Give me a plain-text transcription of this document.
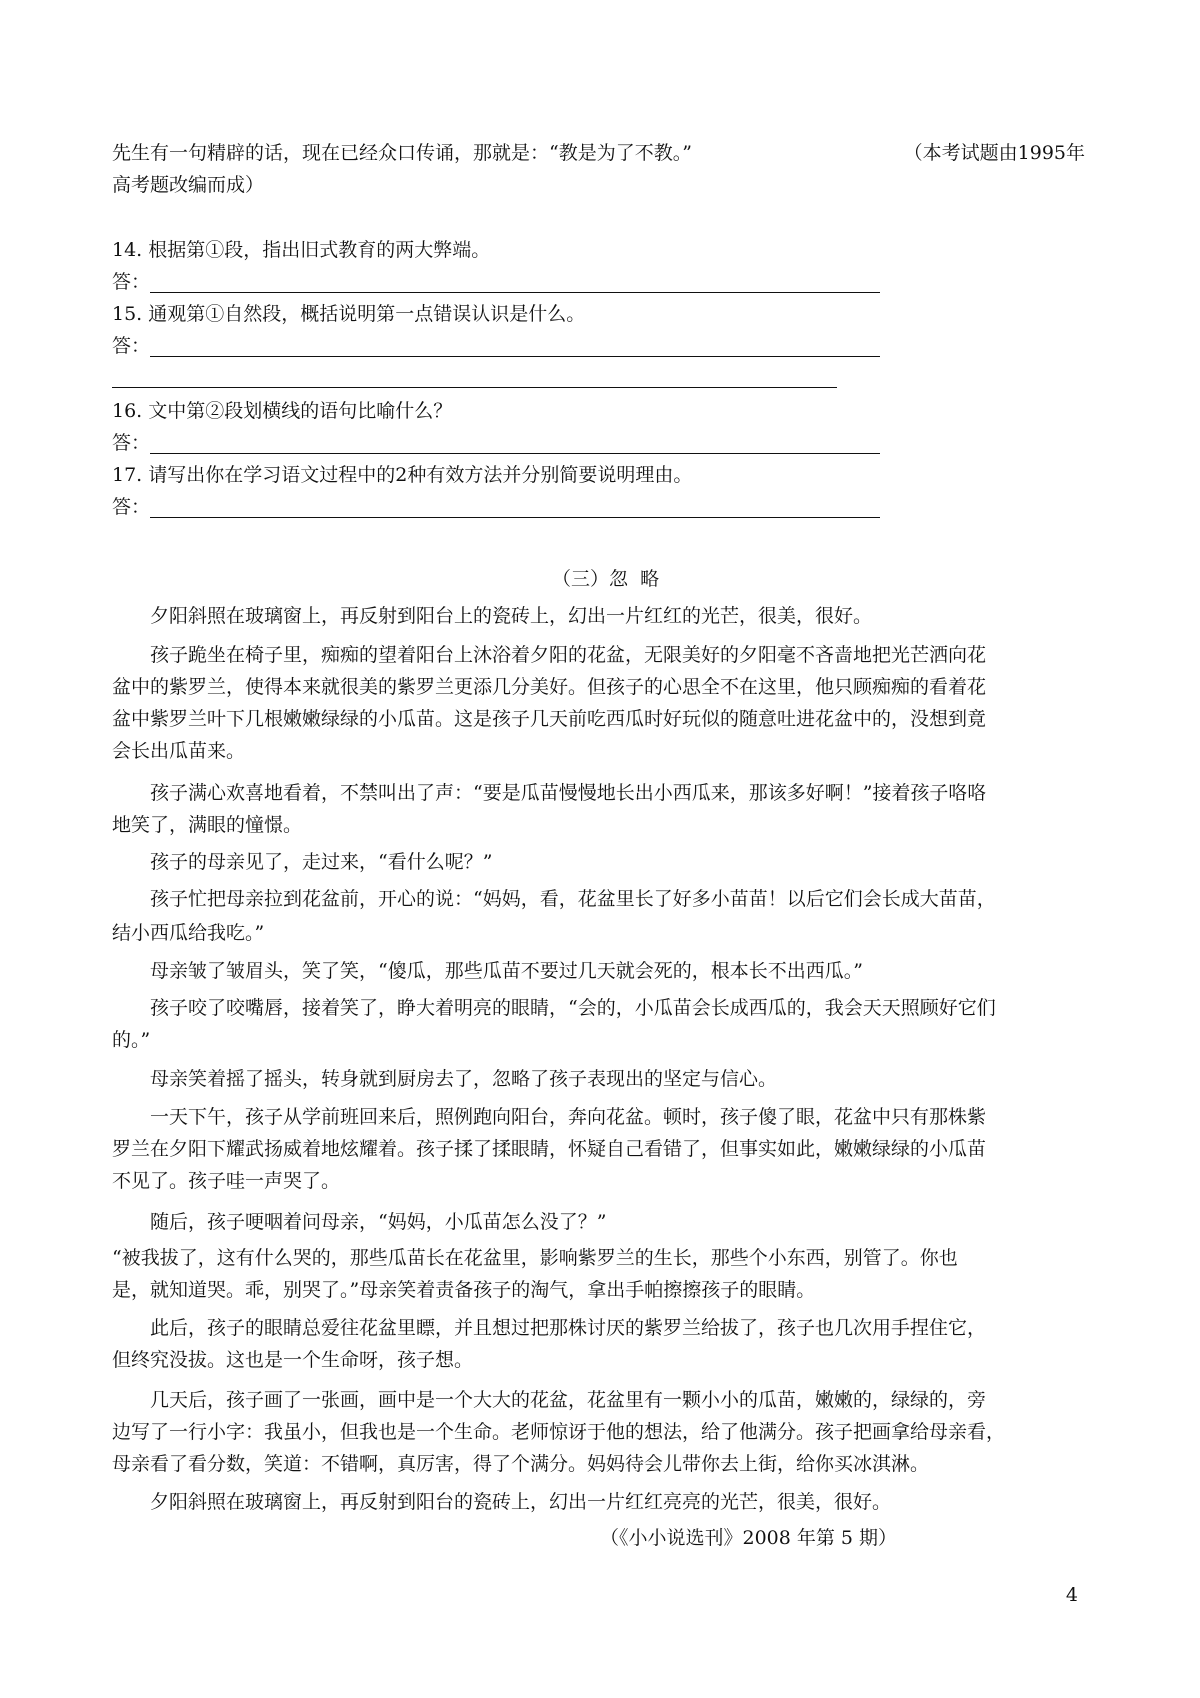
先生有一句精辟的话，现在已经众口传诵，那就是：“教是为了不教。”	（本考试题由1995年
高考题改编而成）
14. 根据第①段，指出旧式教育的两大弊端。
答：
15. 通观第①自然段，概括说明第一点错误认识是什么。
答：
16. 文中第②段划横线的语句比喻什么？
答：
17. 请写出你在学习语文过程中的2种有效方法并分别简要说明理由。
答：
（三）忽  略
夕阳斜照在玻璃窗上，再反射到阳台上的瓷砖上，幻出一片红红的光芒，很美，很好。
孩子跪坐在椅子里，痴痴的望着阳台上沐浴着夕阳的花盆，无限美好的夕阳毫不吝啬地把光芒洒向花
盆中的紫罗兰，使得本来就很美的紫罗兰更添几分美好。但孩子的心思全不在这里，他只顾痴痴的看着花
盆中紫罗兰叶下几根嫩嫩绿绿的小瓜苗。这是孩子几天前吃西瓜时好玩似的随意吐进花盆中的，没想到竟
会长出瓜苗来。
孩子满心欢喜地看着，不禁叫出了声：“要是瓜苗慢慢地长出小西瓜来，那该多好啊！”接着孩子咯咯
地笑了，满眼的憧憬。
孩子的母亲见了，走过来，“看什么呢？”
孩子忙把母亲拉到花盆前，开心的说：“妈妈，看，花盆里长了好多小苗苗！以后它们会长成大苗苗，
结小西瓜给我吃。”
母亲皱了皱眉头，笑了笑，“傻瓜，那些瓜苗不要过几天就会死的，根本长不出西瓜。”
孩子咬了咬嘴唇，接着笑了，睁大着明亮的眼睛，“会的，小瓜苗会长成西瓜的，我会天天照顾好它们
的。”
母亲笑着摇了摇头，转身就到厨房去了，忽略了孩子表现出的坚定与信心。
一天下午，孩子从学前班回来后，照例跑向阳台，奔向花盆。顿时，孩子傻了眼，花盆中只有那株紫
罗兰在夕阳下耀武扬威着地炫耀着。孩子揉了揉眼睛，怀疑自己看错了，但事实如此，嫩嫩绿绿的小瓜苗
不见了。孩子哇一声哭了。
随后，孩子哽咽着问母亲，“妈妈，小瓜苗怎么没了？”
“被我拔了，这有什么哭的，那些瓜苗长在花盆里，影响紫罗兰的生长，那些个小东西，别管了。你也
是，就知道哭。乖，别哭了。”母亲笑着责备孩子的淘气，拿出手帕擦擦孩子的眼睛。
此后，孩子的眼睛总爱往花盆里瞟，并且想过把那株讨厌的紫罗兰给拔了，孩子也几次用手捏住它，
但终究没拔。这也是一个生命呀，孩子想。
几天后，孩子画了一张画，画中是一个大大的花盆，花盆里有一颗小小的瓜苗，嫩嫩的，绿绿的，旁
边写了一行小字：我虽小，但我也是一个生命。老师惊讶于他的想法，给了他满分。孩子把画拿给母亲看，
母亲看了看分数，笑道：不错啊，真厉害，得了个满分。妈妈待会儿带你去上街，给你买冰淇淋。
夕阳斜照在玻璃窗上，再反射到阳台的瓷砖上，幻出一片红红亮亮的光芒，很美，很好。
（《小小说选刊》2008 年第 5 期）
4
